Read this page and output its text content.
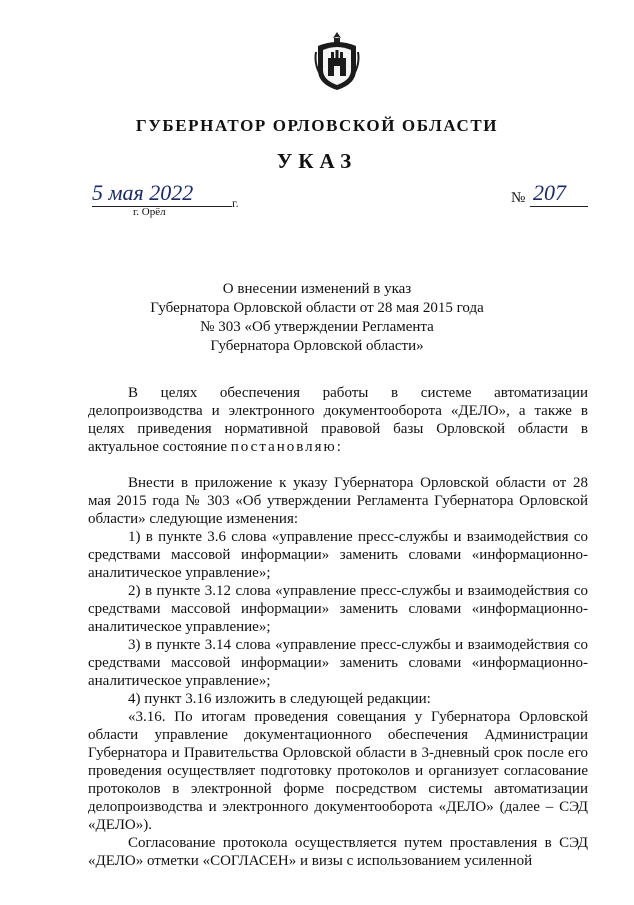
ГУБЕРНАТОР ОРЛОВСКОЙ ОБЛАСТИ
УКАЗ
5 мая 2022	г.
г. Орёл
№ 207
О внесении изменений в указ
Губернатора Орловской области от 28 мая 2015 года
№ 303 «Об утверждении Регламента
Губернатора Орловской области»

В целях обеспечения работы в системе автоматизации делопроизводства и электронного документооборота «ДЕЛО», а также в целях приведения нормативной правовой базы Орловской области в актуальное состояние постановляю:

Внести в приложение к указу Губернатора Орловской области от 28 мая 2015 года № 303 «Об утверждении Регламента Губернатора Орловской области» следующие изменения:

1) в пункте 3.6 слова «управление пресс-службы и взаимодействия со средствами массовой информации» заменить словами «информационно-аналитическое управление»;

2) в пункте 3.12 слова «управление пресс-службы и взаимодействия со средствами массовой информации» заменить словами «информационно-аналитическое управление»;

3) в пункте 3.14 слова «управление пресс-службы и взаимодействия со средствами массовой информации» заменить словами «информационно-аналитическое управление»;

4) пункт 3.16 изложить в следующей редакции:

«3.16. По итогам проведения совещания у Губернатора Орловской области управление документационного обеспечения Администрации Губернатора и Правительства Орловской области в 3-дневный срок после его проведения осуществляет подготовку протоколов и организует согласование протоколов в электронной форме посредством системы автоматизации делопроизводства и электронного документооборота «ДЕЛО» (далее – СЭД «ДЕЛО»).

Согласование протокола осуществляется путем проставления в СЭД «ДЕЛО» отметки «СОГЛАСЕН» и визы с использованием усиленной
